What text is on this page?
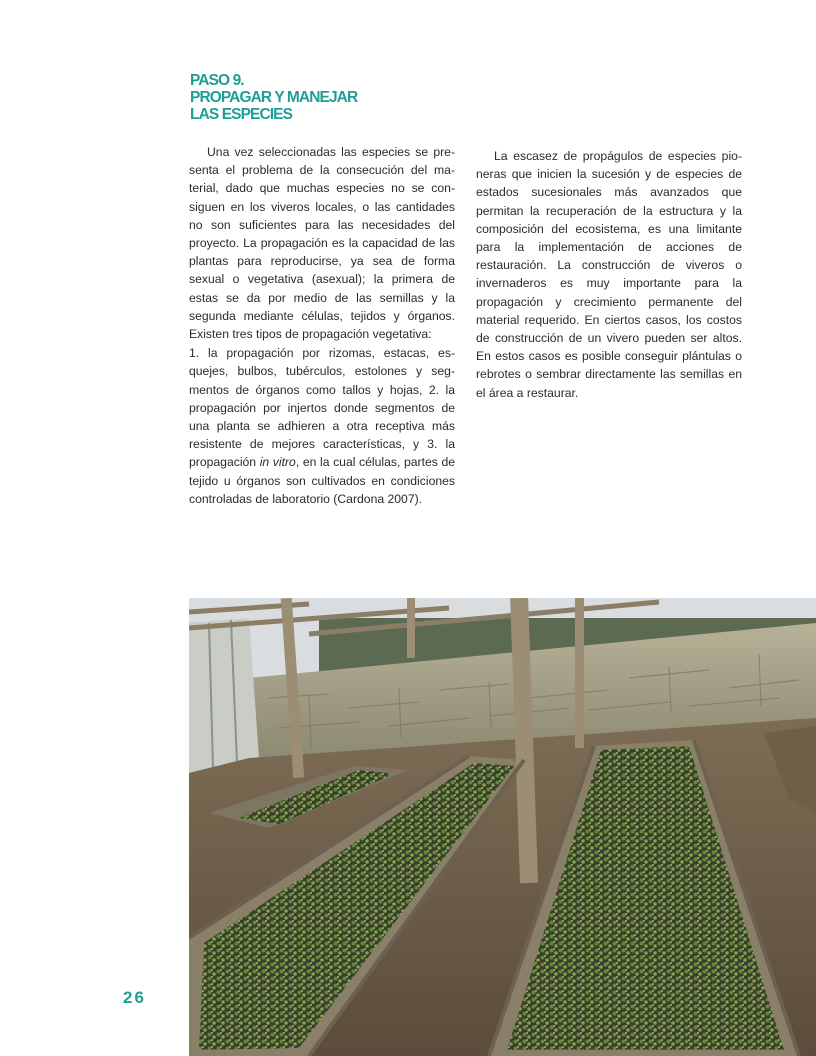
PASO 9.
PROPAGAR Y MANEJAR
LAS ESPECIES

Una vez seleccionadas las especies se presenta el problema de la consecución del material, dado que muchas especies no se consiguen en los viveros locales, o las cantidades no son suficientes para las necesidades del proyecto. La propagación es la capacidad de las plantas para reproducirse, ya sea de forma sexual o vegetativa (asexual); la primera de estas se da por medio de las semillas y la segunda mediante células, tejidos y órganos. Existen tres tipos de propagación vegetativa:

1. la propagación por rizomas, estacas, esquejes, bulbos, tubérculos, estolones y segmentos de órganos como tallos y hojas, 2. la propagación por injertos donde segmentos de una planta se adhieren a otra receptiva más resistente de mejores características, y 3. la propagación in vitro, en la cual células, partes de tejido u órganos son cultivados en condiciones controladas de laboratorio (Cardona 2007).

La escasez de propágulos de especies pioneras que inicien la sucesión y de especies de estados sucesionales más avanzados que permitan la recuperación de la estructura y la composición del ecosistema, es una limitante para la implementación de acciones de restauración. La construcción de viveros o invernaderos es muy importante para la propagación y crecimiento permanente del material requerido. En ciertos casos, los costos de construcción de un vivero pueden ser altos. En estos casos es posible conseguir plántulas o rebrotes o sembrar directamente las semillas en el área a restaurar.

26
